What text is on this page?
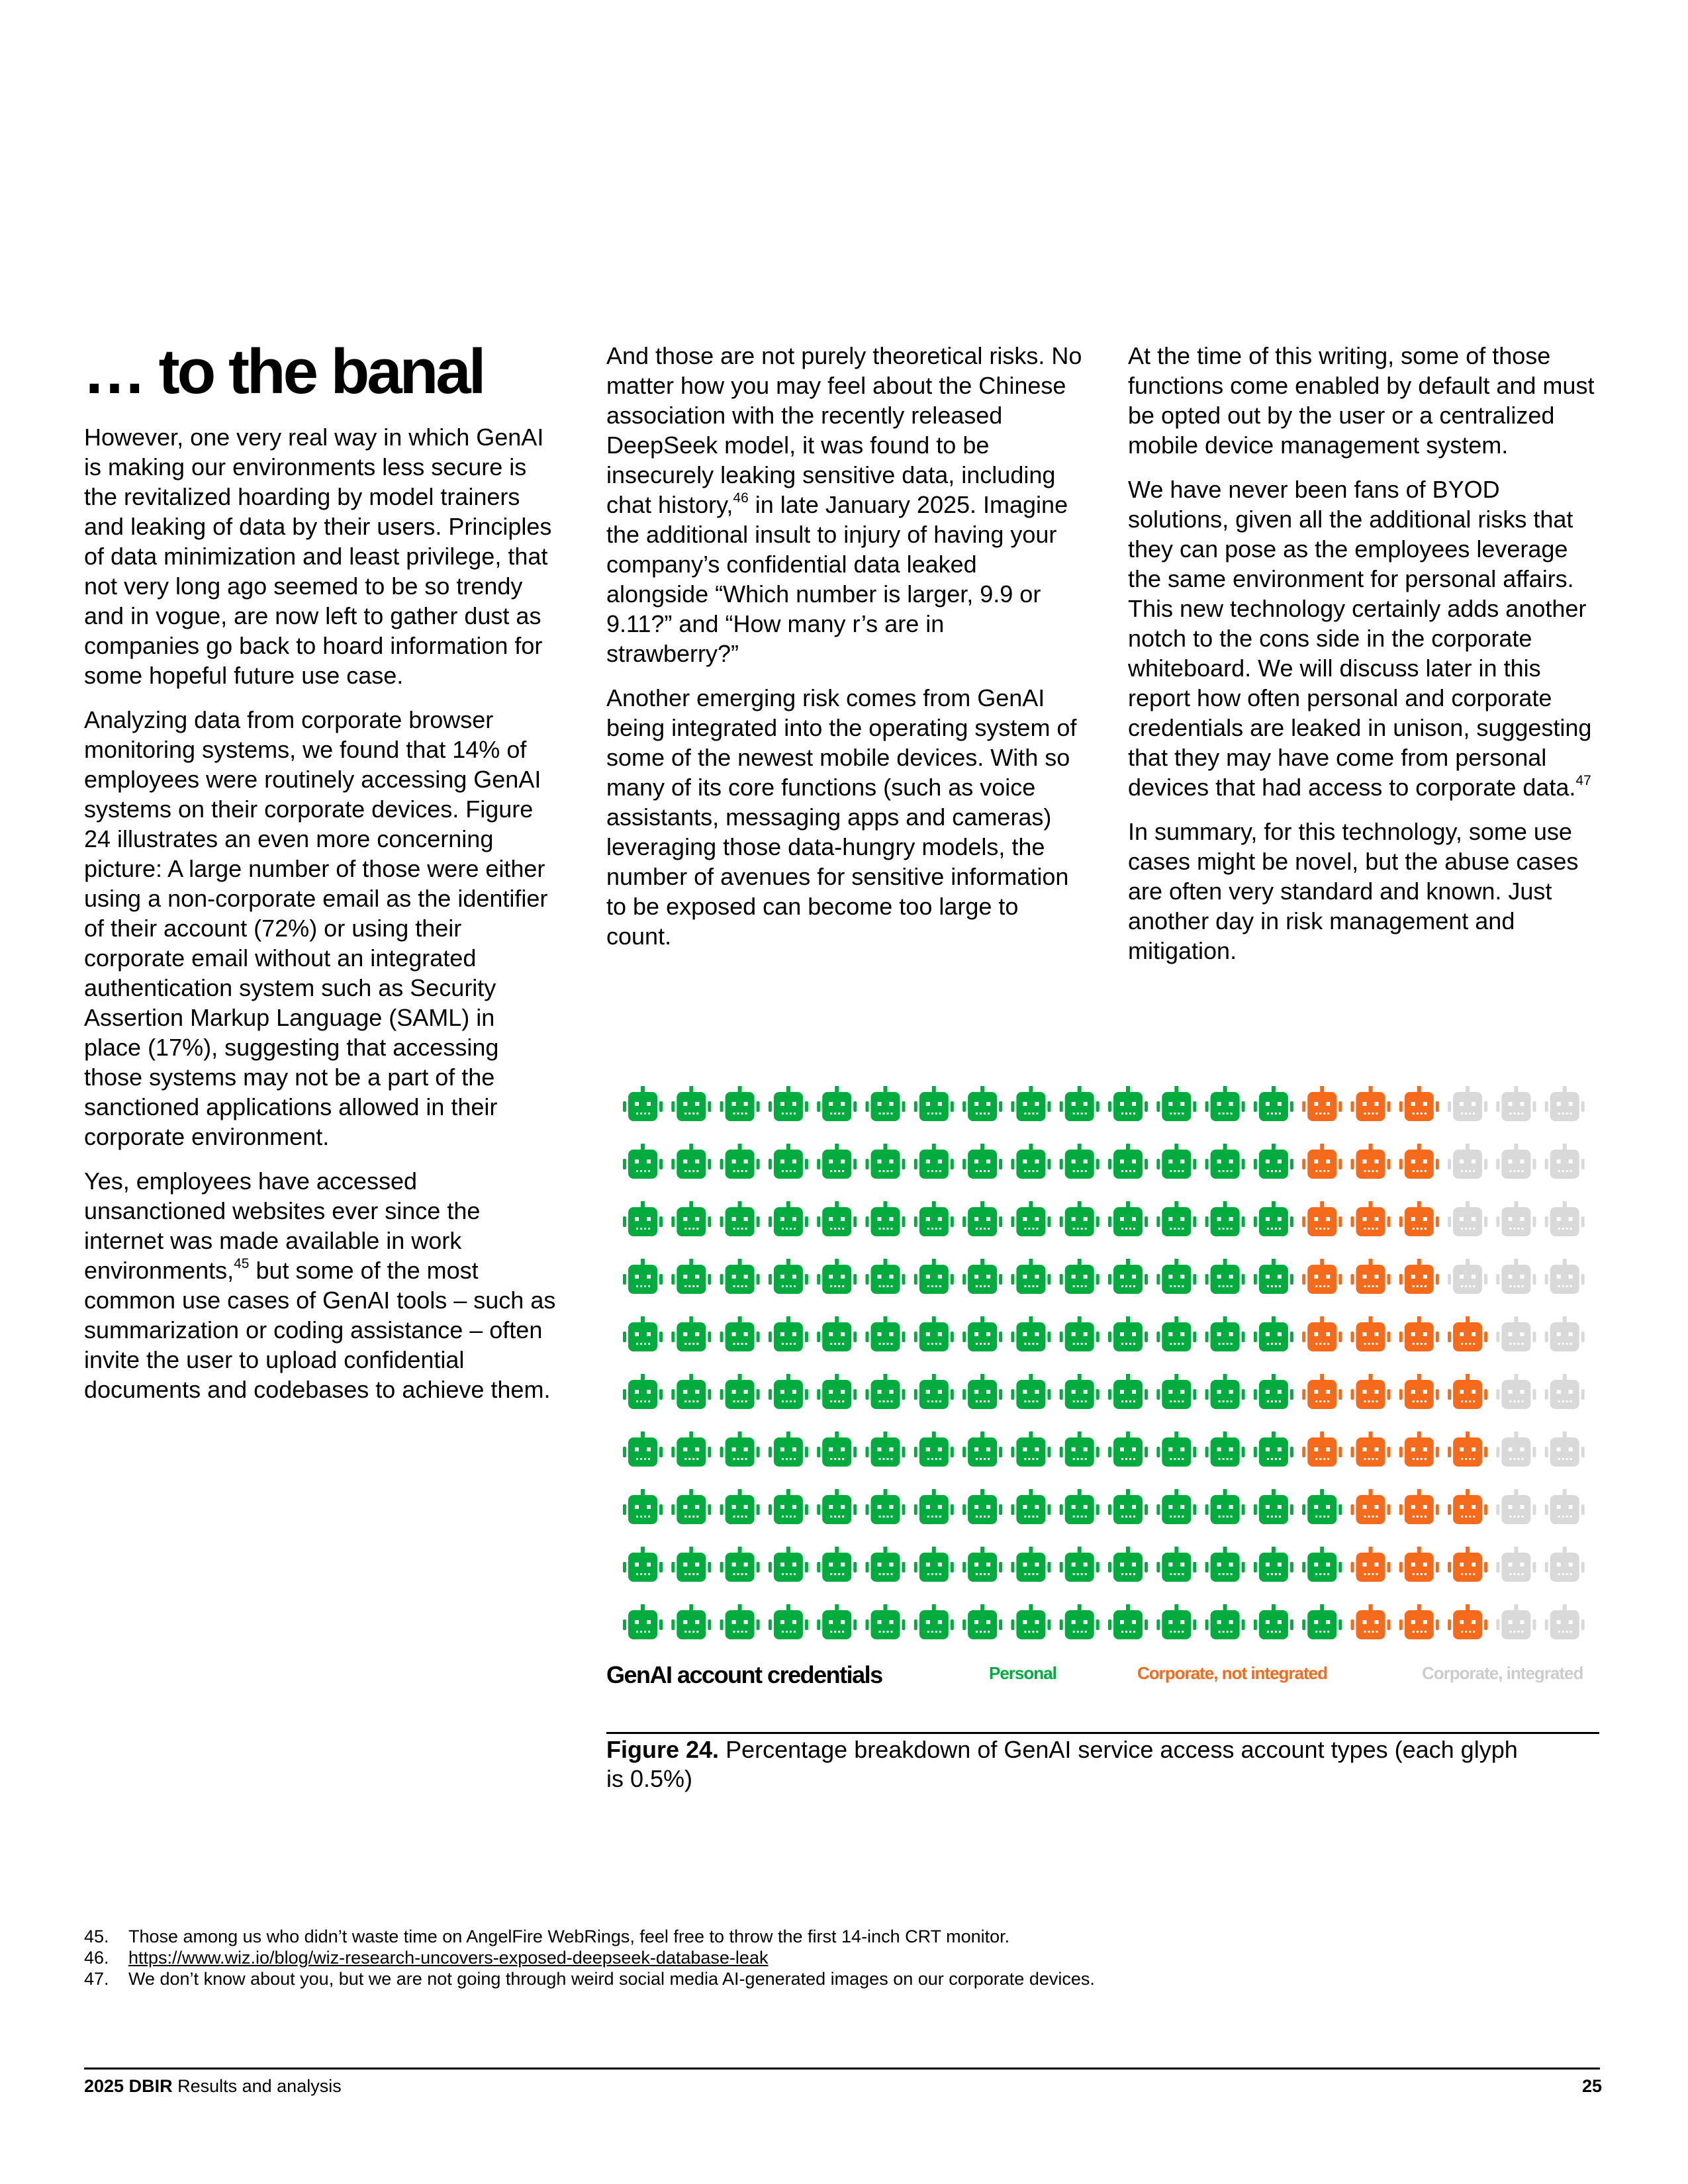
… to the banal

However, one very real way in which GenAI is making our environments less secure is the revitalized hoarding by model trainers and leaking of data by their users. Principles of data minimization and least privilege, that not very long ago seemed to be so trendy and in vogue, are now left to gather dust as companies go back to hoard information for some hopeful future use case.

Analyzing data from corporate browser monitoring systems, we found that 14% of employees were routinely accessing GenAI systems on their corporate devices. Figure 24 illustrates an even more concerning picture: A large number of those were either using a non-corporate email as the identifier of their account (72%) or using their corporate email without an integrated authentication system such as Security Assertion Markup Language (SAML) in place (17%), suggesting that accessing those systems may not be a part of the sanctioned applications allowed in their corporate environment.

Yes, employees have accessed unsanctioned websites ever since the internet was made available in work environments,$^{45}$ but some of the most common use cases of GenAI tools – such as summarization or coding assistance – often invite the user to upload confidential documents and codebases to achieve them.

And those are not purely theoretical risks. No matter how you may feel about the Chinese association with the recently released DeepSeek model, it was found to be insecurely leaking sensitive data, including chat history,$^{46}$ in late January 2025. Imagine the additional insult to injury of having your company’s confidential data leaked alongside “Which number is larger, 9.9 or 9.11?” and “How many r’s are in strawberry?”

Another emerging risk comes from GenAI being integrated into the operating system of some of the newest mobile devices. With so many of its core functions (such as voice assistants, messaging apps and cameras) leveraging those data-hungry models, the number of avenues for sensitive information to be exposed can become too large to count.

At the time of this writing, some of those functions come enabled by default and must be opted out by the user or a centralized mobile device management system.

We have never been fans of BYOD solutions, given all the additional risks that they can pose as the employees leverage the same environment for personal affairs. This new technology certainly adds another notch to the cons side in the corporate whiteboard. We will discuss later in this report how often personal and corporate credentials are leaked in unison, suggesting that they may have come from personal devices that had access to corporate data.$^{47}$

In summary, for this technology, some use cases might be novel, but the abuse cases are often very standard and known. Just another day in risk management and mitigation.

GenAI account credentials	Personal	Corporate, not integrated	Corporate, integrated
Figure 24. Percentage breakdown of GenAI service access account types (each glyph is 0.5%)
45.	Those among us who didn’t waste time on AngelFire WebRings, feel free to throw the first 14-inch CRT monitor.
46.	https://www.wiz.io/blog/wiz-research-uncovers-exposed-deepseek-database-leak
47.	We don’t know about you, but we are not going through weird social media AI-generated images on our corporate devices.
2025 DBIR Results and analysis	25
